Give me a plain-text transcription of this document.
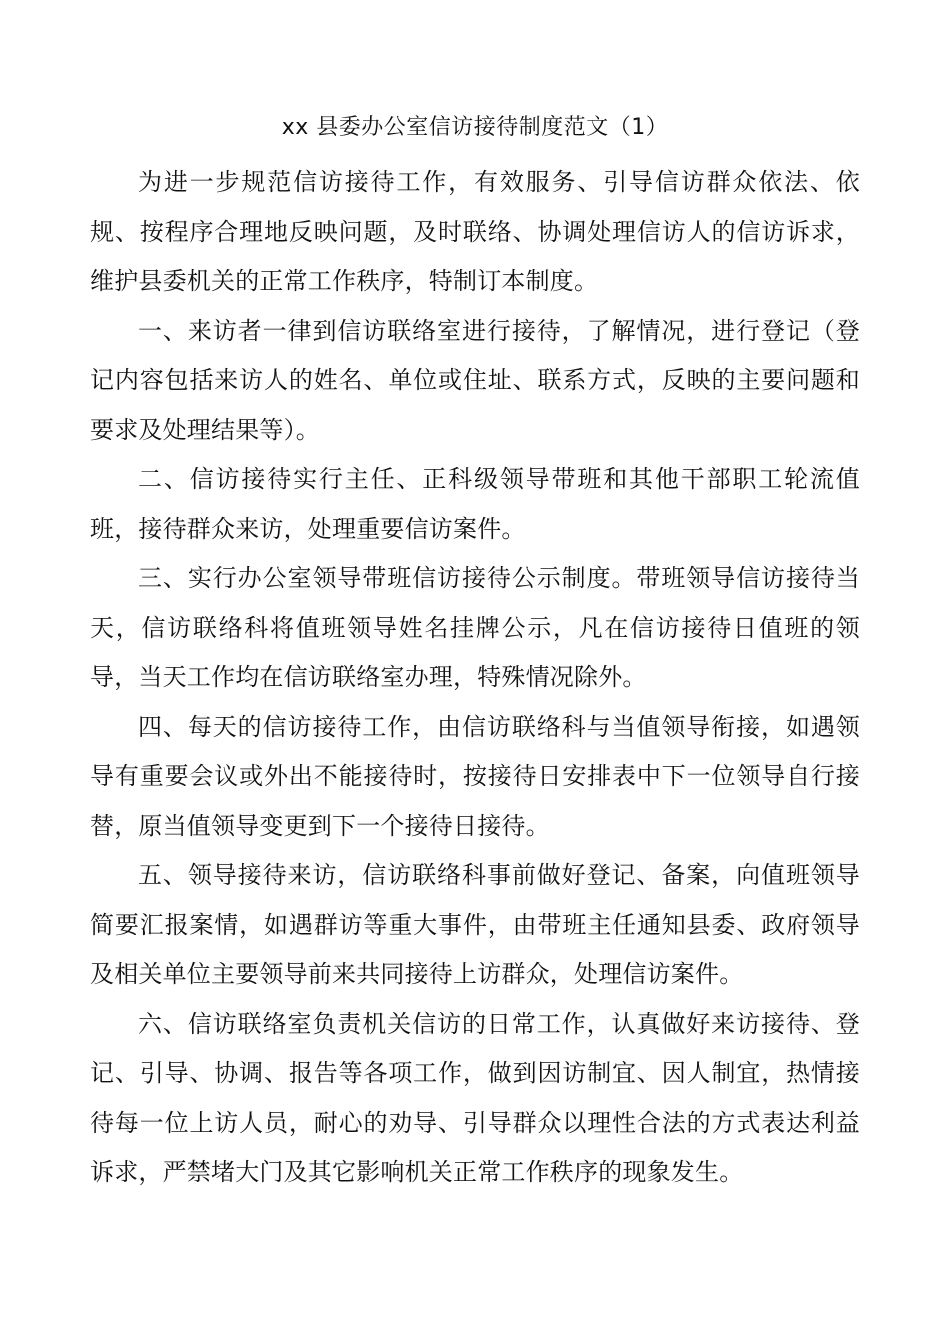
xx 县委办公室信访接待制度范文（1）

为进一步规范信访接待工作，有效服务、引导信访群众依法、依规、按程序合理地反映问题，及时联络、协调处理信访人的信访诉求，维护县委机关的正常工作秩序，特制订本制度。

一、来访者一律到信访联络室进行接待，了解情况，进行登记（登记内容包括来访人的姓名、单位或住址、联系方式，反映的主要问题和要求及处理结果等）。

二、信访接待实行主任、正科级领导带班和其他干部职工轮流值班，接待群众来访，处理重要信访案件。

三、实行办公室领导带班信访接待公示制度。带班领导信访接待当天，信访联络科将值班领导姓名挂牌公示，凡在信访接待日值班的领导，当天工作均在信访联络室办理，特殊情况除外。

四、每天的信访接待工作，由信访联络科与当值领导衔接，如遇领导有重要会议或外出不能接待时，按接待日安排表中下一位领导自行接替，原当值领导变更到下一个接待日接待。

五、领导接待来访，信访联络科事前做好登记、备案，向值班领导简要汇报案情，如遇群访等重大事件，由带班主任通知县委、政府领导及相关单位主要领导前来共同接待上访群众，处理信访案件。

六、信访联络室负责机关信访的日常工作，认真做好来访接待、登记、引导、协调、报告等各项工作，做到因访制宜、因人制宜，热情接待每一位上访人员，耐心的劝导、引导群众以理性合法的方式表达利益诉求，严禁堵大门及其它影响机关正常工作秩序的现象发生。
